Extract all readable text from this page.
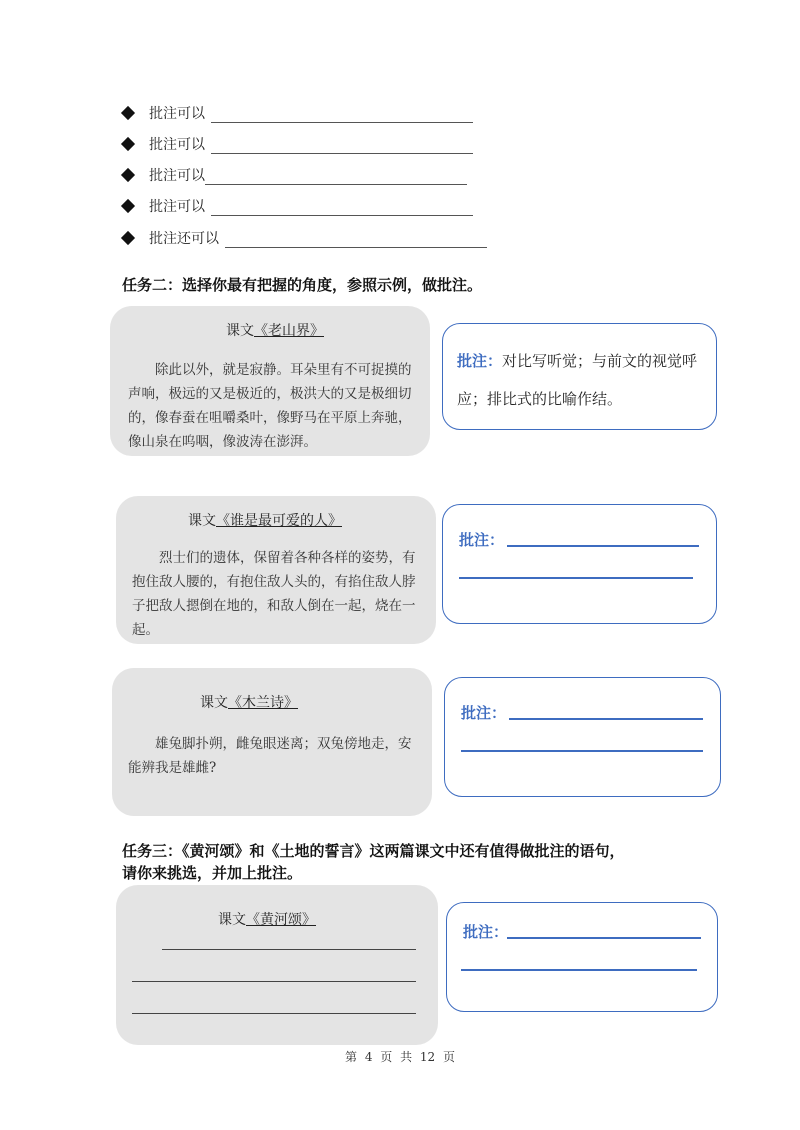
批注可以
批注可以
批注可以
批注可以
批注还可以
任务二：选择你最有把握的角度，参照示例，做批注。
课文《老山界》
除此以外，就是寂静。耳朵里有不可捉摸的声响，极远的又是极近的，极洪大的又是极细切的，像春蚕在咀嚼桑叶，像野马在平原上奔驰，像山泉在呜咽，像波涛在澎湃。
批注：对比写听觉；与前文的视觉呼应；排比式的比喻作结。
课文《谁是最可爱的人》
烈士们的遗体，保留着各种各样的姿势，有抱住敌人腰的，有抱住敌人头的，有掐住敌人脖子把敌人摁倒在地的，和敌人倒在一起，烧在一起。
批注：
课文《木兰诗》
雄兔脚扑朔，雌兔眼迷离；双兔傍地走，安能辨我是雄雌?
批注：
任务三：《黄河颂》和《土地的誓言》这两篇课文中还有值得做批注的语句，
请你来挑选，并加上批注。
课文《黄河颂》
批注：
第 4 页 共 12 页
